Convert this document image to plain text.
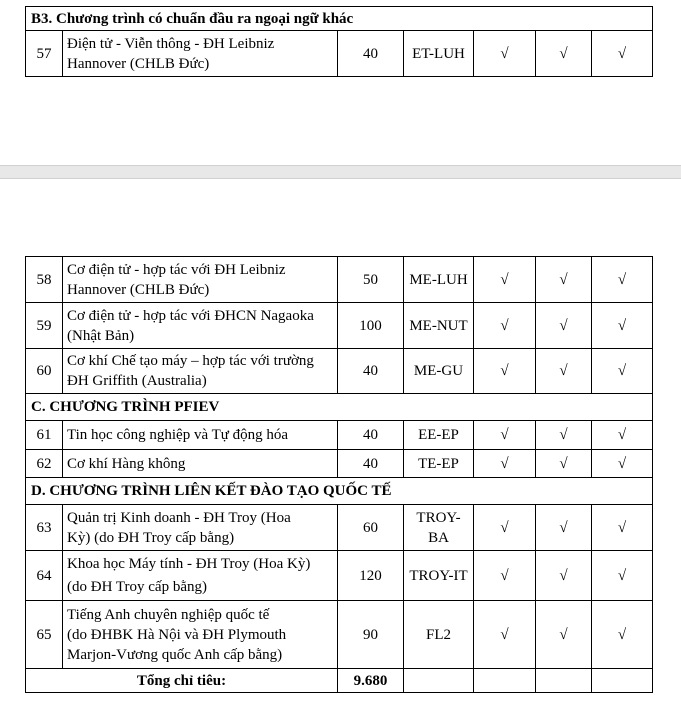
B3. Chương trình có chuẩn đầu ra ngoại ngữ khác
57	Điện tử - Viễn thông - ĐH Leibniz
Hannover (CHLB Đức)	40	ET-LUH	√	√	√
58	Cơ điện tử - hợp tác với ĐH Leibniz
Hannover (CHLB Đức)	50	ME-LUH	√	√	√
59	Cơ điện tử - hợp tác với ĐHCN Nagaoka
(Nhật Bản)	100	ME-NUT	√	√	√
60	Cơ khí Chế tạo máy – hợp tác với trường
ĐH Griffith (Australia)	40	ME-GU	√	√	√
C. CHƯƠNG TRÌNH PFIEV						
61	Tin học công nghiệp và Tự động hóa	40	EE-EP	√	√	√
62	Cơ khí Hàng không	40	TE-EP	√	√	√
D. CHƯƠNG TRÌNH LIÊN KẾT ĐÀO TẠO QUỐC TẾ						
63	Quản trị Kinh doanh - ĐH Troy (Hoa
Kỳ) (do ĐH Troy cấp bằng)	60	TROY-
BA	√	√	√
64	Khoa học Máy tính - ĐH Troy (Hoa Kỳ)
(do ĐH Troy cấp bằng)	120	TROY-IT	√	√	√
65	Tiếng Anh chuyên nghiệp quốc tế
(do ĐHBK Hà Nội và ĐH Plymouth
Marjon-Vương quốc Anh cấp bằng)	90	FL2	√	√	√
Tổng chỉ tiêu:		9.680				
